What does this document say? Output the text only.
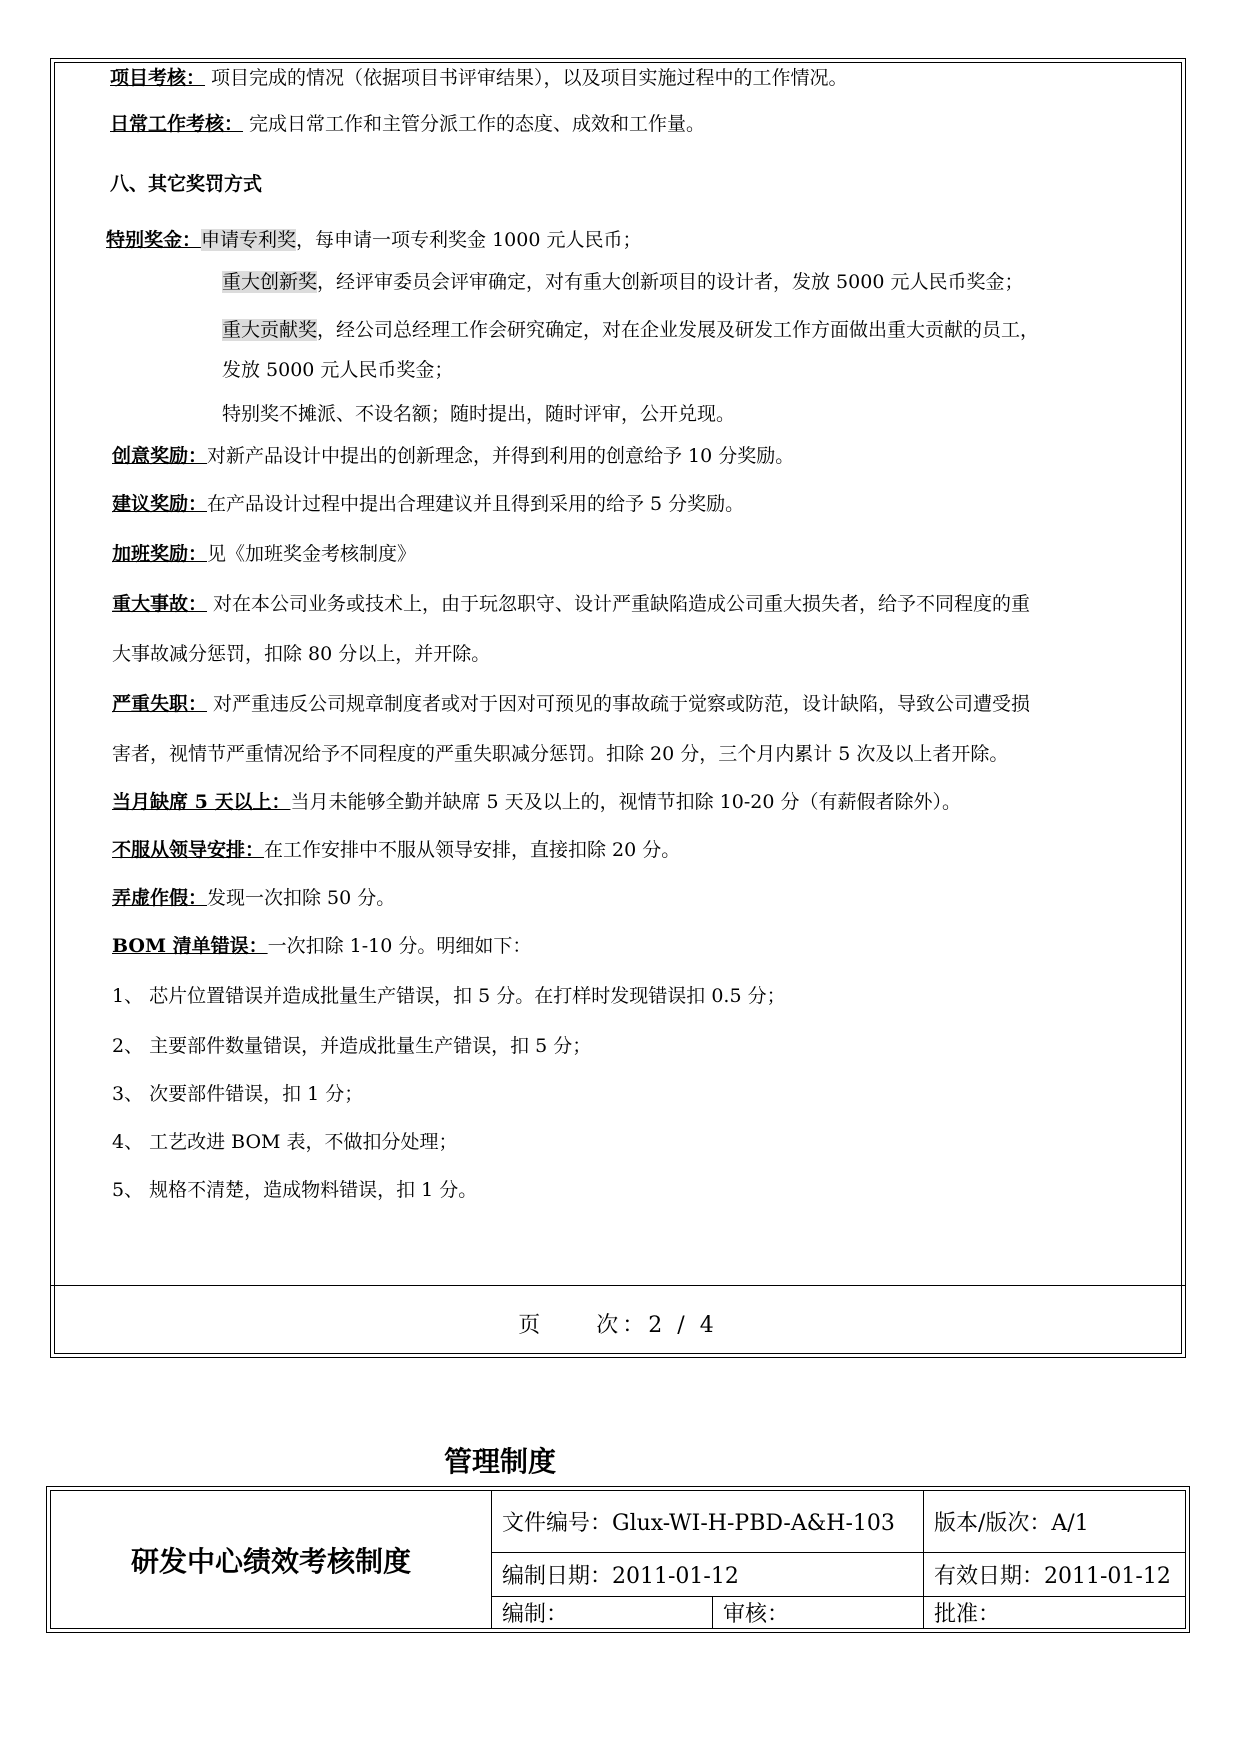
页　　次：2 / 4
项目考核： 项目完成的情况（依据项目书评审结果），以及项目实施过程中的工作情况。
日常工作考核： 完成日常工作和主管分派工作的态度、成效和工作量。
八、其它奖罚方式
特别奖金：申请专利奖，每申请一项专利奖金 1000 元人民币；
重大创新奖，经评审委员会评审确定，对有重大创新项目的设计者，发放 5000 元人民币奖金；
重大贡献奖，经公司总经理工作会研究确定，对在企业发展及研发工作方面做出重大贡献的员工，
发放 5000 元人民币奖金；
特别奖不摊派、不设名额；随时提出，随时评审，公开兑现。
创意奖励：对新产品设计中提出的创新理念，并得到利用的创意给予 10 分奖励。
建议奖励：在产品设计过程中提出合理建议并且得到采用的给予 5 分奖励。
加班奖励：见《加班奖金考核制度》
重大事故： 对在本公司业务或技术上，由于玩忽职守、设计严重缺陷造成公司重大损失者，给予不同程度的重
大事故减分惩罚，扣除 80 分以上，并开除。
严重失职： 对严重违反公司规章制度者或对于因对可预见的事故疏于觉察或防范，设计缺陷，导致公司遭受损
害者，视情节严重情况给予不同程度的严重失职减分惩罚。扣除 20 分，三个月内累计 5 次及以上者开除。
当月缺席 5 天以上：当月未能够全勤并缺席 5 天及以上的，视情节扣除 10-20 分（有薪假者除外）。
不服从领导安排：在工作安排中不服从领导安排，直接扣除 20 分。
弄虚作假：发现一次扣除 50 分。
BOM 清单错误：一次扣除 1-10 分。明细如下：
1、 芯片位置错误并造成批量生产错误，扣 5 分。在打样时发现错误扣 0.5 分；
2、 主要部件数量错误，并造成批量生产错误，扣 5 分；
3、 次要部件错误，扣 1 分；
4、 工艺改进 BOM 表，不做扣分处理；
5、 规格不清楚，造成物料错误，扣 1 分。
管理制度
研发中心绩效考核制度	文件编号：Glux-WI-H-PBD-A&H-103		版本/版次：A/1
	编制日期：2011-01-12		有效日期：2011-01-12
	编制：	审核：	批准：
